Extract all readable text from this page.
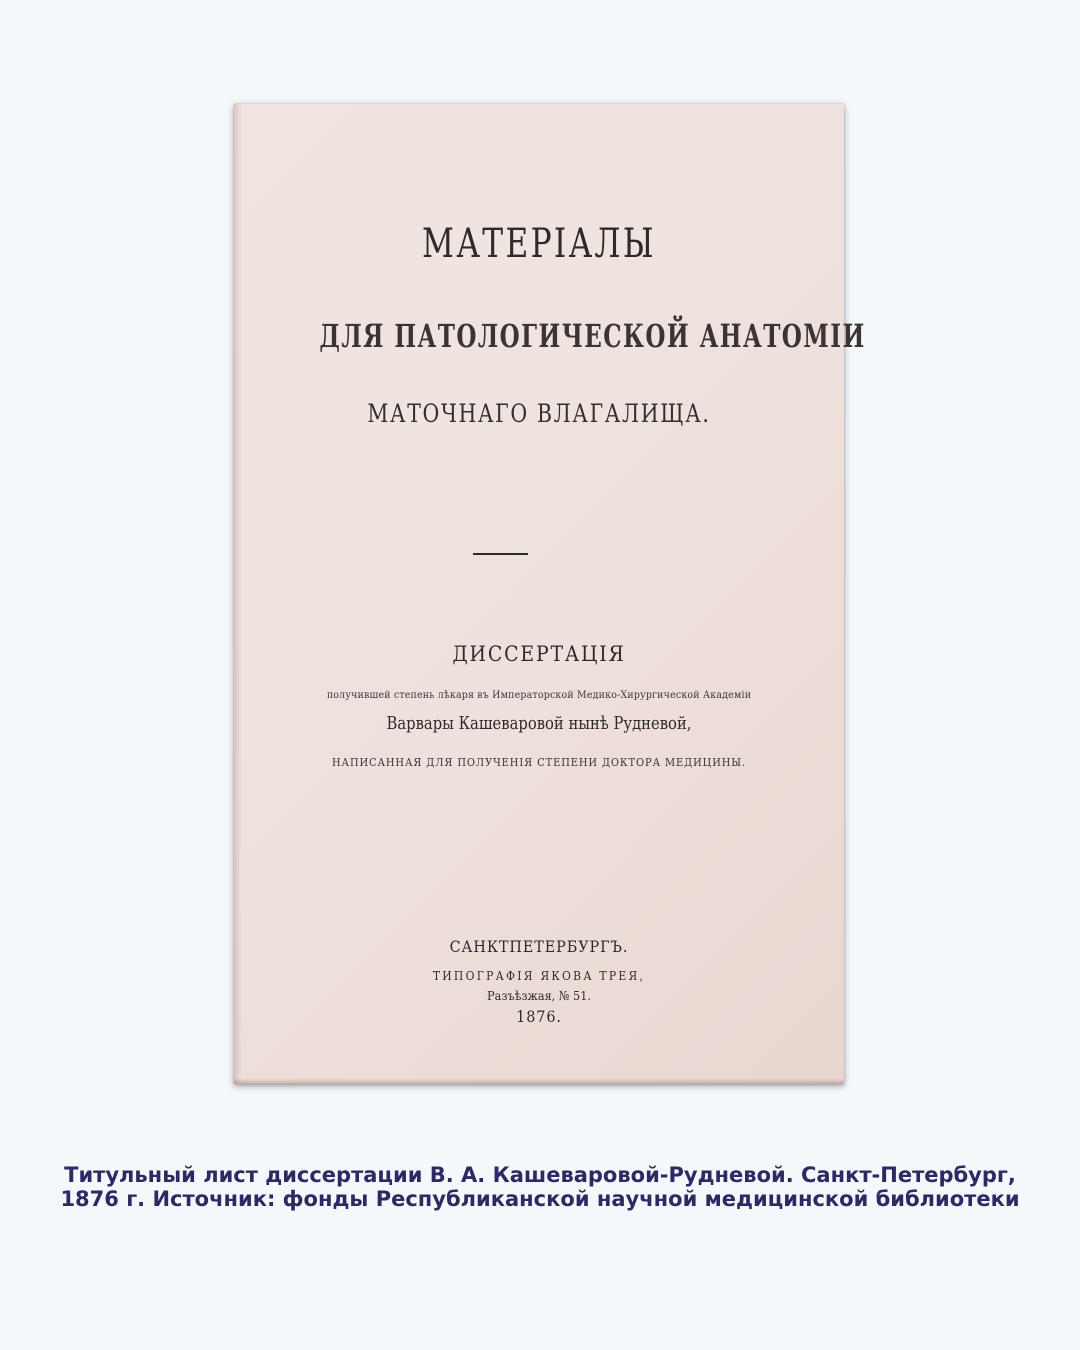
МАТЕРІАЛЫ
ДЛЯ ПАТОЛОГИЧЕСКОЙ АНАТОМІИ
МАТОЧНАГО ВЛАГАЛИЩА.
ДИССЕРТАЦІЯ
получившей степень лѣкаря въ Императорской Медико-Хирургической Академіи
Варвары Кашеваровой нынѣ Рудневой,
НАПИСАННАЯ ДЛЯ ПОЛУЧЕНІЯ СТЕПЕНИ ДОКТОРА МЕДИЦИНЫ.
САНКТПЕТЕРБУРГЪ.
ТИПОГРАФІЯ ЯКОВА ТРЕЯ,
Разъѣзжая, № 51.
1876.
Титульный лист диссертации В. А. Кашеваровой-Рудневой. Санкт-Петербург, 1876 г. Источник: фонды Республиканской научной медицинской библиотеки
